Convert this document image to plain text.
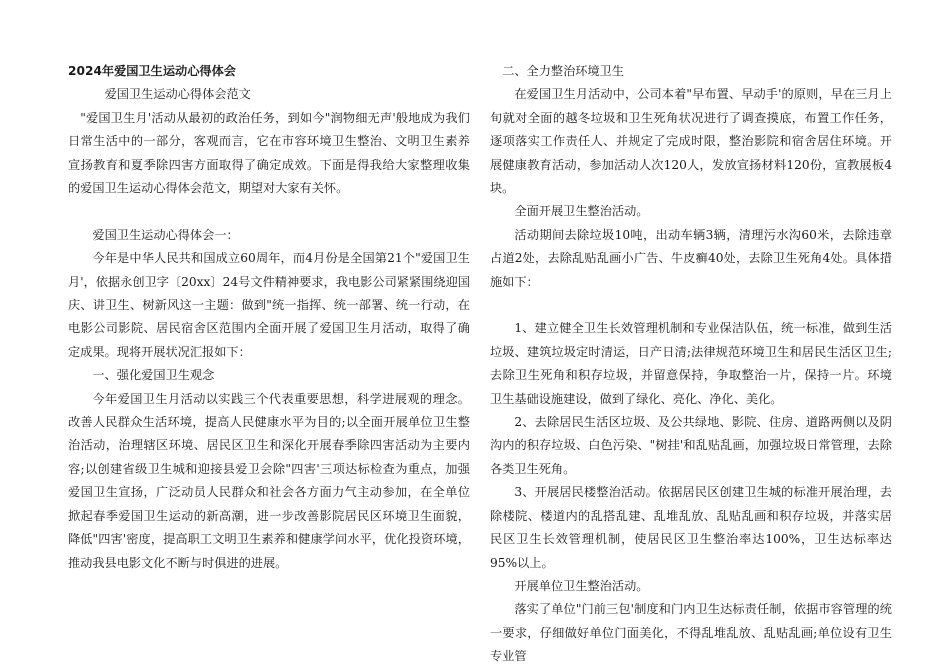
2024年爱国卫生运动心得体会

爱国卫生运动心得体会范文

"爱国卫生月'活动从最初的政治任务，到如今"润物细无声'般地成为我们日常生活中的一部分，客观而言，它在市容环境卫生整治、文明卫生素养宣扬教育和夏季除四害方面取得了确定成效。下面是得我给大家整理收集的爱国卫生运动心得体会范文，期望对大家有关怀。

爱国卫生运动心得体会一：

今年是中华人民共和国成立60周年，而4月份是全国第21个"爱国卫生月'，依据永创卫字〔20xx〕24号文件精神要求，我电影公司紧紧围绕迎国庆、讲卫生、树新风这一主题：做到"统一指挥、统一部署、统一行动，在电影公司影院、居民宿舍区范围内全面开展了爱国卫生月活动，取得了确定成果。现将开展状况汇报如下：

一、强化爱国卫生观念

今年爱国卫生月活动以实践三个代表重要思想，科学进展观的理念。改善人民群众生活环境，提高人民健康水平为目的;以全面开展单位卫生整治活动，治理辖区环境、居民区卫生和深化开展春季除四害活动为主要内容;以创建省级卫生城和迎接县爱卫会除"四害'三项达标检查为重点，加强爱国卫生宣扬，广泛动员人民群众和社会各方面力气主动参加，在全单位掀起春季爱国卫生运动的新高潮，进一步改善影院居民区环境卫生面貌，降低"四害'密度，提高职工文明卫生素养和健康学问水平，优化投资环境，推动我县电影文化不断与时俱进的进展。

二、全力整治环境卫生

在爱国卫生月活动中，公司本着"早布置、早动手'的原则，早在三月上旬就对全面的越冬垃圾和卫生死角状况进行了调查摸底，布置工作任务，逐项落实工作责任人、并规定了完成时限，整治影院和宿舍居住环境。开展健康教育活动，参加活动人次120人，发放宣扬材料120份，宣教展板4块。

全面开展卫生整治活动。

活动期间去除垃圾10吨，出动车辆3辆，清理污水沟60米，去除违章占道2处，去除乱贴乱画小广告、牛皮癣40处，去除卫生死角4处。具体措施如下：

1、建立健全卫生长效管理机制和专业保洁队伍，统一标准，做到生活垃圾、建筑垃圾定时清运，日产日清;法律规范环境卫生和居民生活区卫生;去除卫生死角和积存垃圾，并留意保持，争取整治一片，保持一片。环境卫生基础设施建设，做到了绿化、亮化、净化、美化。

2、去除居民生活区垃圾、及公共绿地、影院、住房、道路两侧以及阴沟内的积存垃圾、白色污染、"树挂'和乱贴乱画，加强垃圾日常管理，去除各类卫生死角。

3、开展居民楼整治活动。依据居民区创建卫生城的标准开展治理，去除楼院、楼道内的乱搭乱建、乱堆乱放、乱贴乱画和积存垃圾，并落实居民区卫生长效管理机制，使居民区卫生整治率达100%，卫生达标率达95%以上。

开展单位卫生整治活动。

落实了单位"门前三包'制度和门内卫生达标责任制，依据市容管理的统一要求，仔细做好单位门面美化，不得乱堆乱放、乱贴乱画;单位设有卫生专业管
